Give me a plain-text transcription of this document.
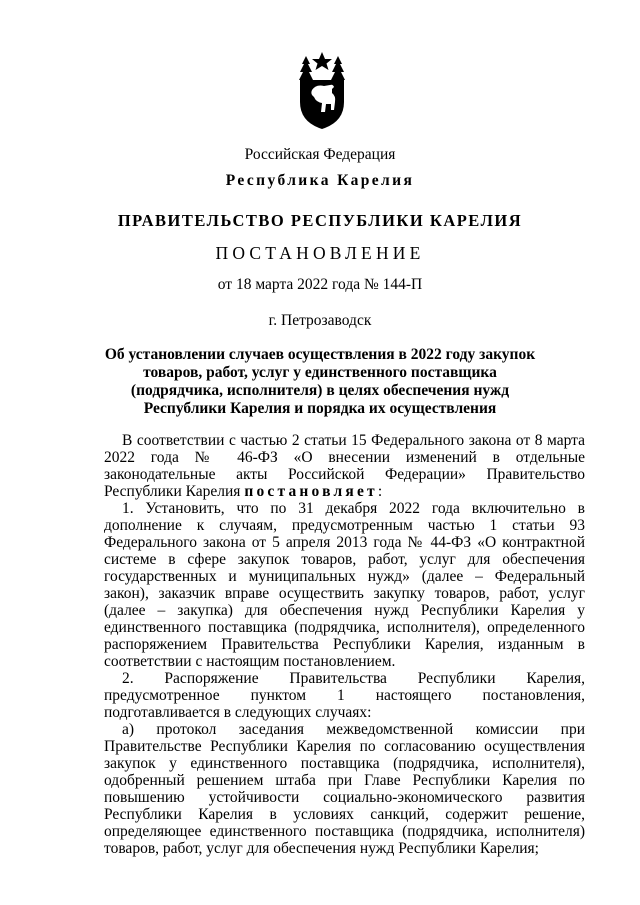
Российская Федерация
Республика Карелия
ПРАВИТЕЛЬСТВО РЕСПУБЛИКИ КАРЕЛИЯ
ПОСТАНОВЛЕНИЕ
от 18 марта 2022 года № 144-П
г. Петрозаводск
Об установлении случаев осуществления в 2022 году закупок товаров, работ, услуг у единственного поставщика (подрядчика, исполнителя) в целях обеспечения нужд Республики Карелия и порядка их осуществления

В соответствии с частью 2 статьи 15 Федерального закона от 8 марта 2022 года № 46-ФЗ «О внесении изменений в отдельные законодательные акты Российской Федерации» Правительство Республики Карелия постановляет:

1. Установить, что по 31 декабря 2022 года включительно в дополнение к случаям, предусмотренным частью 1 статьи 93 Федерального закона от 5 апреля 2013 года № 44-ФЗ «О контрактной системе в сфере закупок товаров, работ, услуг для обеспечения государственных и муниципальных нужд» (далее – Федеральный закон), заказчик вправе осуществить закупку товаров, работ, услуг (далее – закупка) для обеспечения нужд Республики Карелия у единственного поставщика (подрядчика, исполнителя), определенного распоряжением Правительства Республики Карелия, изданным в соответствии с настоящим постановлением.

2. Распоряжение Правительства Республики Карелия, предусмотренное пунктом 1 настоящего постановления, подготавливается в следующих случаях:

а) протокол заседания межведомственной комиссии при Правительстве Республики Карелия по согласованию осуществления закупок у единственного поставщика (подрядчика, исполнителя), одобренный решением штаба при Главе Республики Карелия по повышению устойчивости социально-экономического развития Республики Карелия в условиях санкций, содержит решение, определяющее единственного поставщика (подрядчика, исполнителя) товаров, работ, услуг для обеспечения нужд Республики Карелия;
